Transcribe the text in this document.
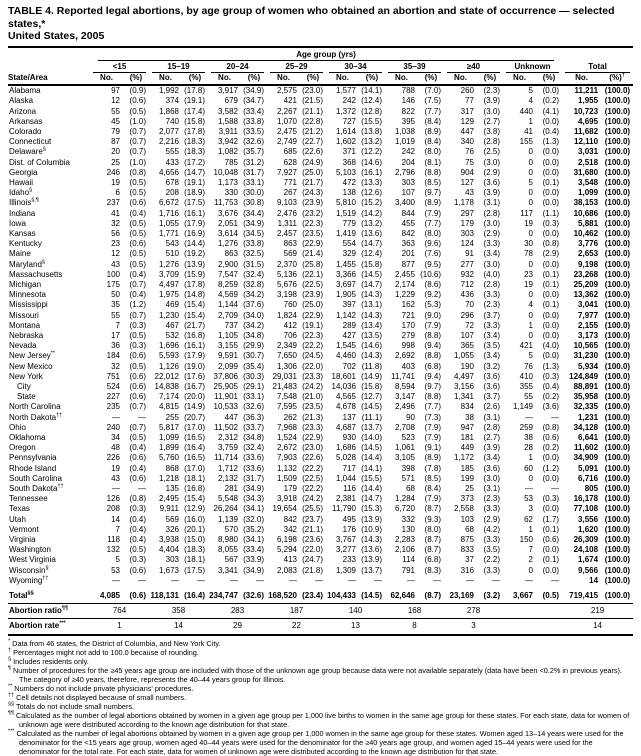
TABLE 4. Reported legal abortions, by age group of women who obtained an abortion and state of occurrence — selected states,*
United States, 2005

	Age group (yrs)																	

	<15		15–19		20–24		25–29		30–34		35–39		≥40		Unknown		Total	

State/Area	No.	(%)	No.	(%)	No.	(%)	No.	(%)	No.	(%)	No.	(%)	No.	(%)	No.	(%)	No.	(%)†
Alabama	97	(0.9)	1,992	(17.8)	3,917	(34.9)	2,575	(23.0)	1,577	(14.1)	788	(7.0)	260	(2.3)	5	(0.0)	11,211	(100.0)
Alaska	12	(0.6)	374	(19.1)	679	(34.7)	421	(21.5)	242	(12.4)	146	(7.5)	77	(3.9)	4	(0.2)	1,955	(100.0)
Arizona	55	(0.5)	1,868	(17.4)	3,582	(33.4)	2,267	(21.1)	1,372	(12.8)	822	(7.7)	317	(3.0)	440	(4.1)	10,723	(100.0)
Arkansas	45	(1.0)	740	(15.8)	1,588	(33.8)	1,070	(22.8)	727	(15.5)	395	(8.4)	129	(2.7)	1	(0.0)	4,695	(100.0)
Colorado	79	(0.7)	2,077	(17.8)	3,911	(33.5)	2,475	(21.2)	1,614	(13.8)	1,038	(8.9)	447	(3.8)	41	(0.4)	11,682	(100.0)
Connecticut	87	(0.7)	2,216	(18.3)	3,942	(32.6)	2,749	(22.7)	1,602	(13.2)	1,019	(8.4)	340	(2.8)	155	(1.3)	12,110	(100.0)
Delaware§	20	(0.7)	555	(18.3)	1,082	(35.7)	685	(22.6)	371	(12.2)	242	(8.0)	76	(2.5)	0	(0.0)	3,031	(100.0)
Dist. of Columbia	25	(1.0)	433	(17.2)	785	(31.2)	628	(24.9)	368	(14.6)	204	(8.1)	75	(3.0)	0	(0.0)	2,518	(100.0)
Georgia	246	(0.8)	4,656	(14.7)	10,048	(31.7)	7,927	(25.0)	5,103	(16.1)	2,796	(8.8)	904	(2.9)	0	(0.0)	31,680	(100.0)
Hawaii	19	(0.5)	678	(19.1)	1,173	(33.1)	771	(21.7)	472	(13.3)	303	(8.5)	127	(3.6)	5	(0.1)	3,548	(100.0)
Idaho§	6	(0.5)	208	(18.9)	330	(30.0)	267	(24.3)	138	(12.6)	107	(9.7)	43	(3.9)	0	(0.0)	1,099	(100.0)
Illinois§,¶	237	(0.6)	6,672	(17.5)	11,753	(30.8)	9,103	(23.9)	5,810	(15.2)	3,400	(8.9)	1,178	(3.1)	0	(0.0)	38,153	(100.0)
Indiana	41	(0.4)	1,716	(16.1)	3,676	(34.4)	2,476	(23.2)	1,519	(14.2)	844	(7.9)	297	(2.8)	117	(1.1)	10,686	(100.0)
Iowa	32	(0.5)	1,055	(17.9)	2,051	(34.9)	1,311	(22.3)	779	(13.2)	455	(7.7)	179	(3.0)	19	(0.3)	5,881	(100.0)
Kansas	56	(0.5)	1,771	(16.9)	3,614	(34.5)	2,457	(23.5)	1,419	(13.6)	842	(8.0)	303	(2.9)	0	(0.0)	10,462	(100.0)
Kentucky	23	(0.6)	543	(14.4)	1,276	(33.8)	863	(22.9)	554	(14.7)	363	(9.6)	124	(3.3)	30	(0.8)	3,776	(100.0)
Maine	12	(0.5)	510	(19.2)	863	(32.5)	569	(21.4)	329	(12.4)	201	(7.6)	91	(3.4)	78	(2.9)	2,653	(100.0)
Maryland§	43	(0.5)	1,276	(13.9)	2,900	(31.5)	2,370	(25.8)	1,455	(15.8)	877	(9.5)	277	(3.0)	0	(0.0)	9,198	(100.0)
Massachusetts	100	(0.4)	3,709	(15.9)	7,547	(32.4)	5,136	(22.1)	3,366	(14.5)	2,455	(10.6)	932	(4.0)	23	(0.1)	23,268	(100.0)
Michigan	175	(0.7)	4,497	(17.8)	8,259	(32.8)	5,676	(22.5)	3,697	(14.7)	2,174	(8.6)	712	(2.8)	19	(0.1)	25,209	(100.0)
Minnesota	50	(0.4)	1,975	(14.8)	4,569	(34.2)	3,198	(23.9)	1,905	(14.3)	1,229	(9.2)	436	(3.3)	0	(0.0)	13,362	(100.0)
Mississippi	35	(1.2)	469	(15.4)	1,144	(37.6)	760	(25.0)	397	(13.1)	162	(5.3)	70	(2.3)	4	(0.1)	3,041	(100.0)
Missouri	55	(0.7)	1,230	(15.4)	2,709	(34.0)	1,824	(22.9)	1,142	(14.3)	721	(9.0)	296	(3.7)	0	(0.0)	7,977	(100.0)
Montana	7	(0.3)	467	(21.7)	737	(34.2)	412	(19.1)	289	(13.4)	170	(7.9)	72	(3.3)	1	(0.0)	2,155	(100.0)
Nebraska	17	(0.5)	532	(16.8)	1,105	(34.8)	706	(22.3)	427	(13.5)	279	(8.8)	107	(3.4)	0	(0.0)	3,173	(100.0)
Nevada	36	(0.3)	1,696	(16.1)	3,155	(29.9)	2,349	(22.2)	1,545	(14.6)	998	(9.4)	365	(3.5)	421	(4.0)	10,565	(100.0)
New Jersey**	184	(0.6)	5,593	(17.9)	9,591	(30.7)	7,650	(24.5)	4,460	(14.3)	2,692	(8.8)	1,055	(3.4)	5	(0.0)	31,230	(100.0)
New Mexico	32	(0.5)	1,126	(19.0)	2,099	(35.4)	1,306	(22.0)	702	(11.8)	403	(6.8)	190	(3.2)	76	(1.3)	5,934	(100.0)
New York	751	(0.6)	22,012	(17.6)	37,806	(30.3)	29,031	(23.3)	18,601	(14.9)	11,741	(9.4)	4,497	(3.6)	410	(0.3)	124,849	(100.0)
City	524	(0.6)	14,838	(16.7)	25,905	(29.1)	21,483	(24.2)	14,036	(15.8)	8,594	(9.7)	3,156	(3.6)	355	(0.4)	88,891	(100.0)
State	227	(0.6)	7,174	(20.0)	11,901	(33.1)	7,548	(21.0)	4,565	(12.7)	3,147	(8.8)	1,341	(3.7)	55	(0.2)	35,958	(100.0)
North Carolina	235	(0.7)	4,815	(14.9)	10,533	(32.6)	7,595	(23.5)	4,678	(14.5)	2,496	(7.7)	834	(2.6)	1,149	(3.6)	32,335	(100.0)
North Dakota††	—	—	255	(20.7)	447	(36.3)	262	(21.3)	137	(11.1)	90	(7.3)	38	(3.1)	—	—	1,231	(100.0)
Ohio	240	(0.7)	5,817	(17.0)	11,502	(33.7)	7,968	(23.3)	4,687	(13.7)	2,708	(7.9)	947	(2.8)	259	(0.8)	34,128	(100.0)
Oklahoma	34	(0.5)	1,099	(16.5)	2,312	(34.8)	1,524	(22.9)	930	(14.0)	523	(7.9)	181	(2.7)	38	(0.6)	6,641	(100.0)
Oregon	48	(0.4)	1,899	(16.4)	3,759	(32.4)	2,672	(23.0)	1,686	(14.5)	1,061	(9.1)	449	(3.9)	28	(0.2)	11,602	(100.0)
Pennsylvania	226	(0.6)	5,760	(16.5)	11,714	(33.6)	7,903	(22.6)	5,028	(14.4)	3,105	(8.9)	1,172	(3.4)	1	(0.0)	34,909	(100.0)
Rhode Island	19	(0.4)	868	(17.0)	1,712	(33.6)	1,132	(22.2)	717	(14.1)	398	(7.8)	185	(3.6)	60	(1.2)	5,091	(100.0)
South Carolina	43	(0.6)	1,218	(18.1)	2,132	(31.7)	1,509	(22.5)	1,044	(15.5)	571	(8.5)	199	(3.0)	0	(0.0)	6,716	(100.0)
South Dakota††	—	—	135	(16.8)	281	(34.9)	179	(22.2)	116	(14.4)	68	(8.4)	25	(3.1)	—	—	805	(100.0)
Tennessee	126	(0.8)	2,495	(15.4)	5,548	(34.3)	3,918	(24.2)	2,381	(14.7)	1,284	(7.9)	373	(2.3)	53	(0.3)	16,178	(100.0)
Texas	208	(0.3)	9,911	(12.9)	26,264	(34.1)	19,654	(25.5)	11,790	(15.3)	6,720	(8.7)	2,558	(3.3)	3	(0.0)	77,108	(100.0)
Utah	14	(0.4)	569	(16.0)	1,139	(32.0)	842	(23.7)	495	(13.9)	332	(9.3)	103	(2.9)	62	(1.7)	3,556	(100.0)
Vermont	7	(0.4)	326	(20.1)	570	(35.2)	342	(21.1)	176	(10.9)	130	(8.0)	68	(4.2)	1	(0.1)	1,620	(100.0)
Virginia	118	(0.4)	3,938	(15.0)	8,980	(34.1)	6,198	(23.6)	3,767	(14.3)	2,283	(8.7)	875	(3.3)	150	(0.6)	26,309	(100.0)
Washington	132	(0.5)	4,404	(18.3)	8,055	(33.4)	5,294	(22.0)	3,277	(13.6)	2,106	(8.7)	833	(3.5)	7	(0.0)	24,108	(100.0)
West Virginia	5	(0.3)	303	(18.1)	567	(33.9)	413	(24.7)	233	(13.9)	114	(6.8)	37	(2.2)	2	(0.1)	1,674	(100.0)
Wisconsin§	53	(0.6)	1,673	(17.5)	3,341	(34.9)	2,083	(21.8)	1,309	(13.7)	791	(8.3)	316	(3.3)	0	(0.0)	9,566	(100.0)
Wyoming††	—	—	—	—	—	—	—	—	—	—	—	—	—	—	—	—	14	(100.0)

Total§§	4,085	(0.6)	118,131	(16.4)	234,747	(32.6)	168,520	(23.4)	104,433	(14.5)	62,646	(8.7)	23,169	(3.2)	3,667	(0.5)	719,415	(100.0)
Abortion ratio¶¶	764		358		283		187		140		168		278				219	
Abortion rate***	1		14		29		22		13		8		3				14	
* Data from 46 states, the District of Columbia, and New York City.
† Percentages might not add to 100.0 because of rounding.
§ Includes residents only.
¶ Number of procedures for the ≥45 years age group are included with those of the unknown age group because data were not available separately (data have been <0.2% in previous years). The category of ≥40 years, therefore, represents the 40–44 years group for Illinois.
** Numbers do not include private physicians' procedures.
†† Cell details not displayed because of small numbers.
§§ Totals do not include small numbers.
¶¶ Calculated as the number of legal abortions obtained by women in a given age group per 1,000 live births to women in the same age group for these states. For each state, data for women of unknown age were distributed according to the known age distribution for that state.
*** Calculated as the number of legal abortions obtained by women in a given age group per 1,000 women in the same age group for these states. Women aged 13–14 years were used for the denominator for the <15 years age group, women aged 40–44 years were used for the denominator for the ≥40 years age group, and women aged 15–44 years were used for the denominator for the total rate. For each state, data for women of unknown age were distributed according to the known age distribution for that state.
